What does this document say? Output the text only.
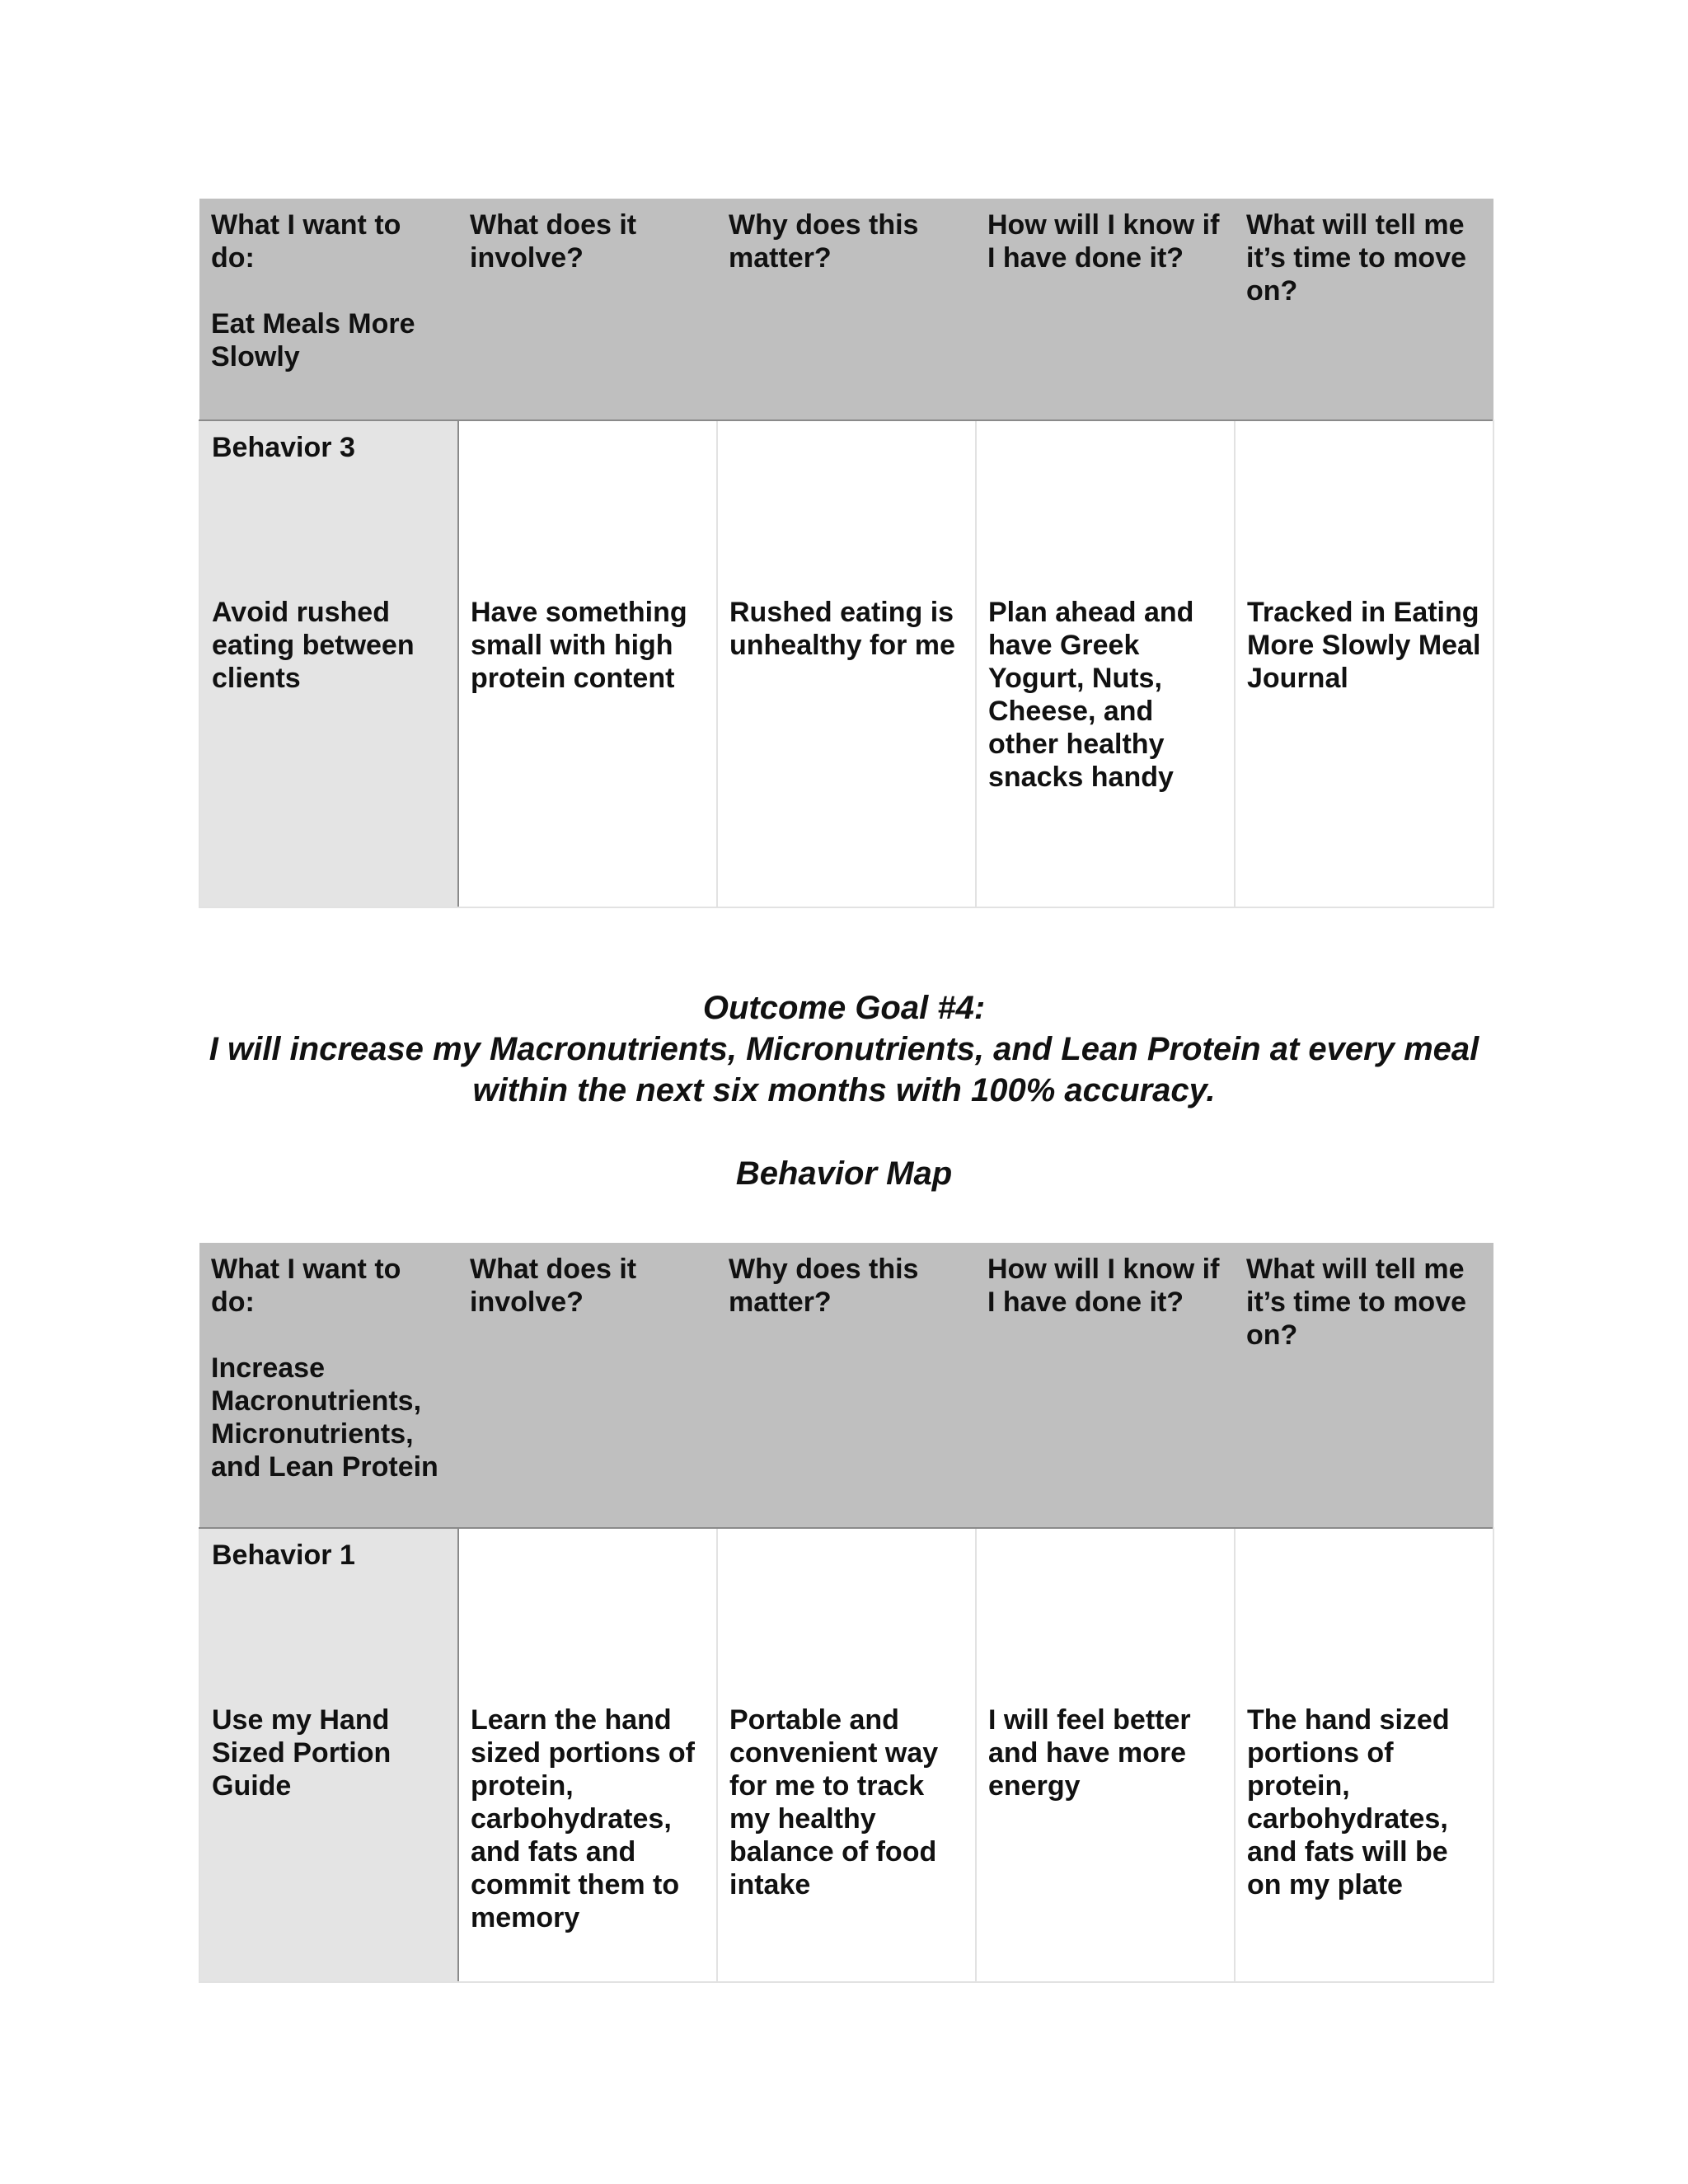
What I want to do:
Eat Meals More Slowly	What does it involve?	Why does this matter?	How will I know if I have done it?	What will tell me it’s time to move on?

Behavior 3
Avoid rushed eating between clients	Have something small with high protein content	Rushed eating is unhealthy for me	Plan ahead and have Greek Yogurt, Nuts, Cheese, and other healthy snacks handy	Tracked in Eating More Slowly Meal Journal
Outcome Goal #4:
I will increase my Macronutrients, Micronutrients, and Lean Protein at every meal
within the next six months with 100% accuracy.
Behavior Map
What I want to do:
Increase Macronutrients, Micronutrients, and Lean Protein	What does it involve?	Why does this matter?	How will I know if I have done it?	What will tell me it’s time to move on?

Behavior 1
Use my Hand Sized Portion Guide	Learn the hand sized portions of protein, carbohydrates, and fats and commit them to memory	Portable and convenient way for me to track my healthy balance of food intake	I will feel better and have more energy	The hand sized portions of protein, carbohydrates, and fats will be on my plate
